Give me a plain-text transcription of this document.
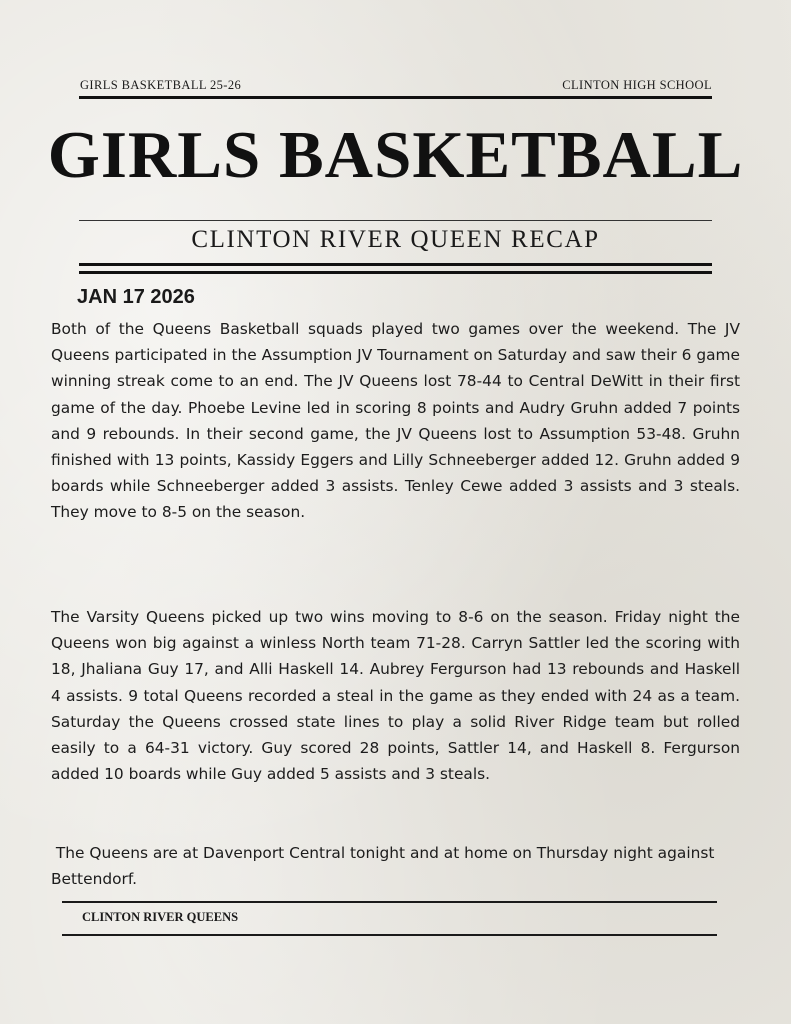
GIRLS BASKETBALL 25-26	CLINTON HIGH SCHOOL
GIRLS BASKETBALL
CLINTON RIVER QUEEN RECAP
JAN 17 2026

Both of the Queens Basketball squads played two games over the weekend. The JV Queens participated in the Assumption JV Tournament on Saturday and saw their 6 game winning streak come to an end. The JV Queens lost 78-44 to Central DeWitt in their first game of the day. Phoebe Levine led in scoring 8 points and Audry Gruhn added 7 points and 9 rebounds. In their second game, the JV Queens lost to Assumption 53-48. Gruhn finished with 13 points, Kassidy Eggers and Lilly Schneeberger added 12. Gruhn added 9 boards while Schneeberger added 3 assists. Tenley Cewe added 3 assists and 3 steals. They move to 8-5 on the season.

The Varsity Queens picked up two wins moving to 8-6 on the season. Friday night the Queens won big against a winless North team 71-28. Carryn Sattler led the scoring with 18, Jhaliana Guy 17, and Alli Haskell 14. Aubrey Fergurson had 13 rebounds and Haskell 4 assists. 9 total Queens recorded a steal in the game as they ended with 24 as a team. Saturday the Queens crossed state lines to play a solid River Ridge team but rolled easily to a 64-31 victory. Guy scored 28 points, Sattler 14, and Haskell 8. Fergurson added 10 boards while Guy added 5 assists and 3 steals.

The Queens are at Davenport Central tonight and at home on Thursday night against Bettendorf.

CLINTON RIVER QUEENS
